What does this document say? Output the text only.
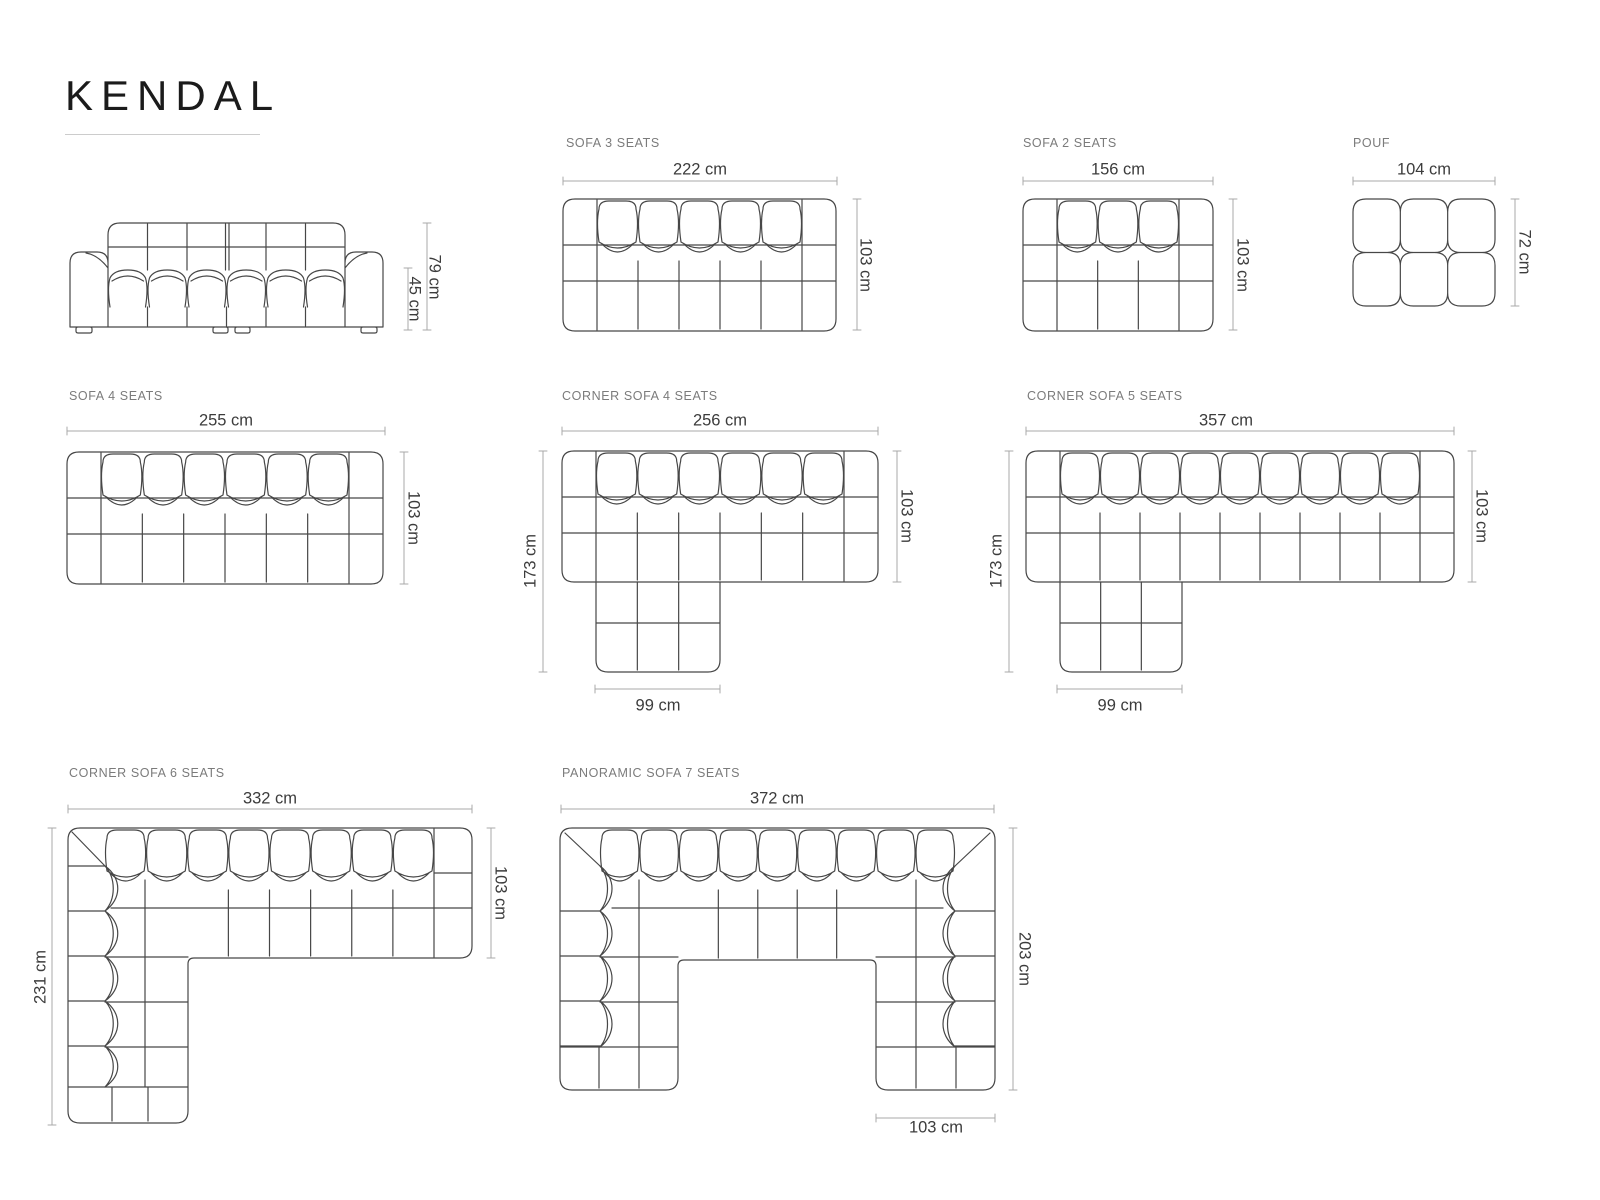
KENDAL
SOFA 3 SEATS	SOFA 2 SEATS	POUF
SOFA 4 SEATS	CORNER SOFA 4 SEATS	CORNER SOFA 5 SEATS
CORNER SOFA 6 SEATS	PANORAMIC SOFA 7 SEATS
79 cm
45 cm
222 cm
103 cm
156 cm
103 cm
104 cm
72 cm
255 cm
103 cm
256 cm
173 cm
103 cm
99 cm
357 cm
173 cm
103 cm
99 cm
332 cm
231 cm
103 cm
372 cm
203 cm
103 cm
